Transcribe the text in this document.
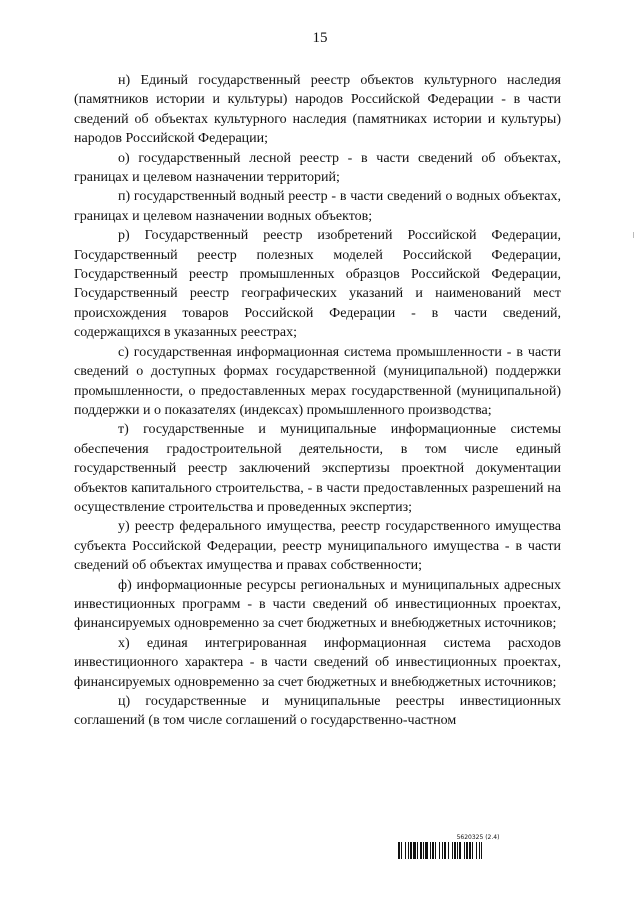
15

н) Единый государственный реестр объектов культурного наследия (памятников истории и культуры) народов Российской Федерации - в части сведений об объектах культурного наследия (памятниках истории и культуры) народов Российской Федерации;

о) государственный лесной реестр - в части сведений об объектах, границах и целевом назначении территорий;

п) государственный водный реестр - в части сведений о водных объектах, границах и целевом назначении водных объектов;

р) Государственный реестр изобретений Российской Федерации, Государственный реестр полезных моделей Российской Федерации, Государственный реестр промышленных образцов Российской Федерации, Государственный реестр географических указаний и наименований мест происхождения товаров Российской Федерации - в части сведений, содержащихся в указанных реестрах;

с) государственная информационная система промышленности - в части сведений о доступных формах государственной (муниципальной) поддержки промышленности, о предоставленных мерах государственной (муниципальной) поддержки и о показателях (индексах) промышленного производства;

т) государственные и муниципальные информационные системы обеспечения градостроительной деятельности, в том числе единый государственный реестр заключений экспертизы проектной документации объектов капитального строительства, - в части предоставленных разрешений на осуществление строительства и проведенных экспертиз;

у) реестр федерального имущества, реестр государственного имущества субъекта Российской Федерации, реестр муниципального имущества - в части сведений об объектах имущества и правах собственности;

ф) информационные ресурсы региональных и муниципальных адресных инвестиционных программ - в части сведений об инвестиционных проектах, финансируемых одновременно за счет бюджетных и внебюджетных источников;

х) единая интегрированная информационная система расходов инвестиционного характера - в части сведений об инвестиционных проектах, финансируемых одновременно за счет бюджетных и внебюджетных источников;

ц) государственные и муниципальные реестры инвестиционных соглашений (в том числе соглашений о государственно-частном

5620325 (2.4)
